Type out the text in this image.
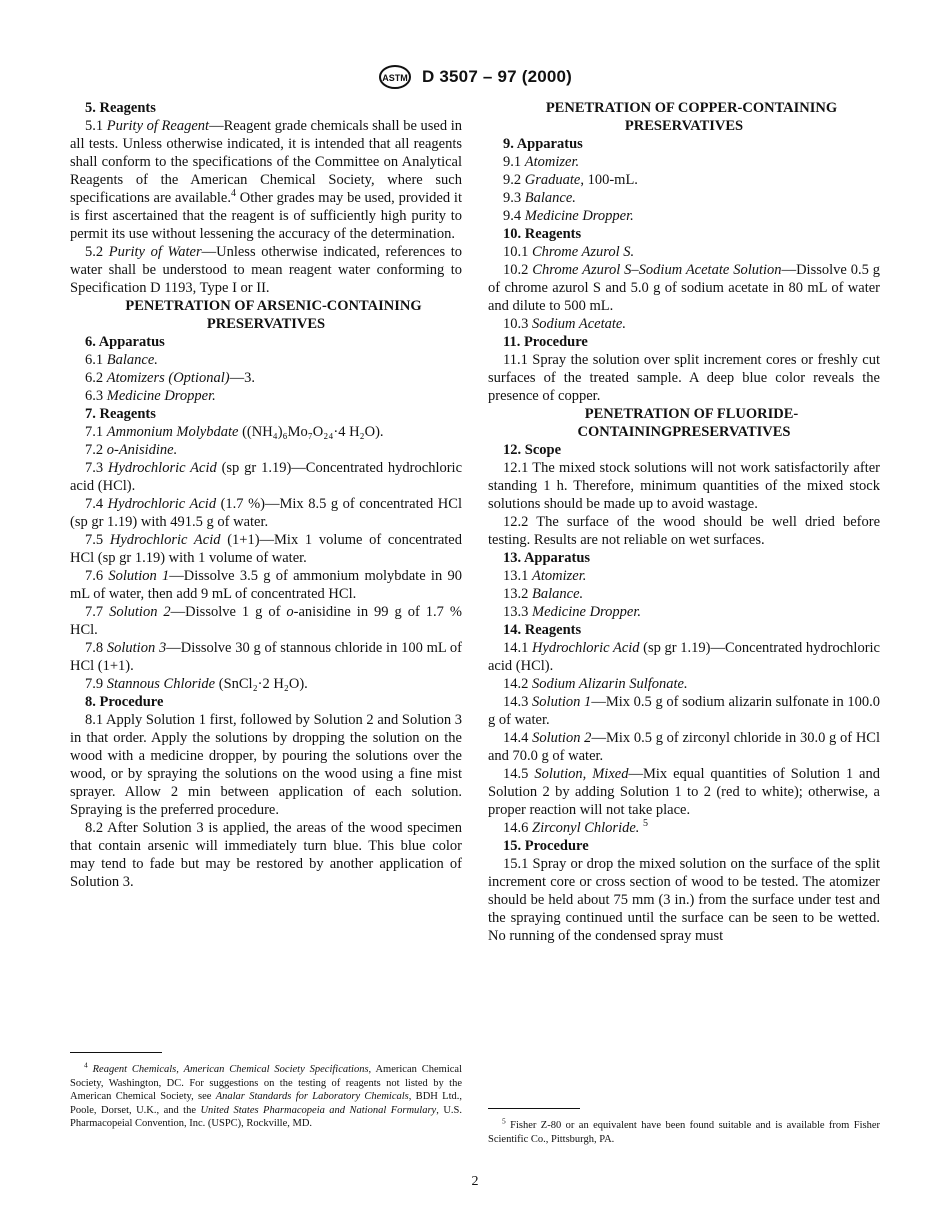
ASTM D 3507 – 97 (2000)

5. Reagents

5.1 Purity of Reagent—Reagent grade chemicals shall be used in all tests. Unless otherwise indicated, it is intended that all reagents shall conform to the specifications of the Committee on Analytical Reagents of the American Chemical Society, where such specifications are available.$^4$ Other grades may be used, provided it is first ascertained that the reagent is of sufficiently high purity to permit its use without lessening the accuracy of the determination.

5.2 Purity of Water—Unless otherwise indicated, references to water shall be understood to mean reagent water conforming to Specification D 1193, Type I or II.

PENETRATION OF ARSENIC-CONTAINING PRESERVATIVES

6. Apparatus

6.1 Balance.

6.2 Atomizers (Optional)—3.

6.3 Medicine Dropper.

7. Reagents

7.1 Ammonium Molybdate ((NH₄)₆Mo₇O₂₄·4 H₂O).

7.2 o-Anisidine.

7.3 Hydrochloric Acid (sp gr 1.19)—Concentrated hydrochloric acid (HCl).

7.4 Hydrochloric Acid (1.7 %)—Mix 8.5 g of concentrated HCl (sp gr 1.19) with 491.5 g of water.

7.5 Hydrochloric Acid (1+1)—Mix 1 volume of concentrated HCl (sp gr 1.19) with 1 volume of water.

7.6 Solution 1—Dissolve 3.5 g of ammonium molybdate in 90 mL of water, then add 9 mL of concentrated HCl.

7.7 Solution 2—Dissolve 1 g of o-anisidine in 99 g of 1.7 % HCl.

7.8 Solution 3—Dissolve 30 g of stannous chloride in 100 mL of HCl (1+1).

7.9 Stannous Chloride (SnCl₂·2 H₂O).

8. Procedure

8.1 Apply Solution 1 first, followed by Solution 2 and Solution 3 in that order. Apply the solutions by dropping the solution on the wood with a medicine dropper, by pouring the solutions over the wood, or by spraying the solutions on the wood using a fine mist sprayer. Allow 2 min between application of each solution. Spraying is the preferred procedure.

8.2 After Solution 3 is applied, the areas of the wood specimen that contain arsenic will immediately turn blue. This blue color may tend to fade but may be restored by another application of Solution 3.

$^4$ Reagent Chemicals, American Chemical Society Specifications, American Chemical Society, Washington, DC. For suggestions on the testing of reagents not listed by the American Chemical Society, see Analar Standards for Laboratory Chemicals, BDH Ltd., Poole, Dorset, U.K., and the United States Pharmacopeia and National Formulary, U.S. Pharmacopeial Convention, Inc. (USPC), Rockville, MD.

PENETRATION OF COPPER-CONTAINING PRESERVATIVES

9. Apparatus

9.1 Atomizer.

9.2 Graduate, 100-mL.

9.3 Balance.

9.4 Medicine Dropper.

10. Reagents

10.1 Chrome Azurol S.

10.2 Chrome Azurol S–Sodium Acetate Solution—Dissolve 0.5 g of chrome azurol S and 5.0 g of sodium acetate in 80 mL of water and dilute to 500 mL.

10.3 Sodium Acetate.

11. Procedure

11.1 Spray the solution over split increment cores or freshly cut surfaces of the treated sample. A deep blue color reveals the presence of copper.

PENETRATION OF FLUORIDE-CONTAININGPRESERVATIVES

12. Scope

12.1 The mixed stock solutions will not work satisfactorily after standing 1 h. Therefore, minimum quantities of the mixed stock solutions should be made up to avoid wastage.

12.2 The surface of the wood should be well dried before testing. Results are not reliable on wet surfaces.

13. Apparatus

13.1 Atomizer.

13.2 Balance.

13.3 Medicine Dropper.

14. Reagents

14.1 Hydrochloric Acid (sp gr 1.19)—Concentrated hydrochloric acid (HCl).

14.2 Sodium Alizarin Sulfonate.

14.3 Solution 1—Mix 0.5 g of sodium alizarin sulfonate in 100.0 g of water.

14.4 Solution 2—Mix 0.5 g of zirconyl chloride in 30.0 g of HCl and 70.0 g of water.

14.5 Solution, Mixed—Mix equal quantities of Solution 1 and Solution 2 by adding Solution 1 to 2 (red to white); otherwise, a proper reaction will not take place.

14.6 Zirconyl Chloride. $^5$

15. Procedure

15.1 Spray or drop the mixed solution on the surface of the split increment core or cross section of wood to be tested. The atomizer should be held about 75 mm (3 in.) from the surface under test and the spraying continued until the surface can be seen to be wetted. No running of the condensed spray must

$^5$ Fisher Z-80 or an equivalent have been found suitable and is available from Fisher Scientific Co., Pittsburgh, PA.
2
